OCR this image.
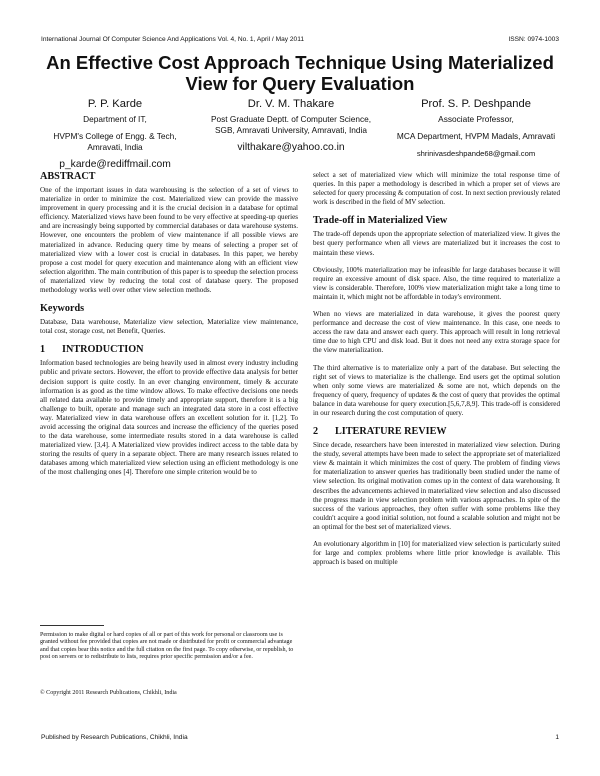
International Journal Of Computer Science And Applications Vol. 4, No. 1, April / May 2011	ISSN: 0974-1003
An Effective Cost Approach Technique Using Materialized View for Query Evaluation
P. P. Karde
Department of IT,
HVPM's College of Engg. & Tech, Amravati, India
p_karde@rediffmail.com
Dr. V. M. Thakare
Post Graduate Deptt. of Computer Science, SGB, Amravati University, Amravati, India
vilthakare@yahoo.co.in
Prof. S. P. Deshpande
Associate Professor,
MCA Department, HVPM Madals, Amravati
shrinivasdeshpande68@gmail.com
ABSTRACT

One of the important issues in data warehousing is the selection of a set of views to materialize in order to minimize the cost. Materialized view can provide the massive improvement in query processing and it is the crucial decision in a database for optimal efficiency. Materialized views have been found to be very effective at speeding-up queries and are increasingly being supported by commercial databases or data warehouse systems. However, one encounters the problem of view maintenance if all possible views are materialized in advance. Reducing query time by means of selecting a proper set of materialized view with a lower cost is crucial in databases. In this paper, we hereby propose a cost model for query execution and maintenance along with an efficient view selection algorithm. The main contribution of this paper is to speedup the selection process of materialized view by reducing the total cost of database query. The proposed methodology works well over other view selection methods.

Keywords

Database, Data warehouse, Materialize view selection, Materialize view maintenance, total cost, storage cost, net Benefit, Queries.

1 INTRODUCTION

Information based technologies are being heavily used in almost every industry including public and private sectors. However, the effort to provide effective data analysis for better decision support is quite costly. In an ever changing environment, timely & accurate information is as good as the time window allows. To make effective decisions one needs all related data available to provide timely and appropriate support, therefore it is a big challenge to built, operate and manage such an integrated data store in a cost effective way. Materialized view in data warehouse offers an excellent solution for it. [1,2]. To avoid accessing the original data sources and increase the efficiency of the queries posed to the data warehouse, some intermediate results stored in a data warehouse is called materialized view. [3,4]. A Materialized view provides indirect access to the table data by storing the results of query in a separate object. There are many research issues related to databases among which materialized view selection using an efficient methodology is one of the most challenging ones [4]. Therefore one simple criterion would be to

Permission to make digital or hard copies of all or part of this work for personal or classroom use is granted without fee provided that copies are not made or distributed for profit or commercial advantage and that copies bear this notice and the full citation on the first page. To copy otherwise, or republish, to post on servers or to redistribute to lists, requires prior specific permission and/or a fee.
© Copyright 2011 Research Publications, Chikhli, India

select a set of materialized view which will minimize the total response time of queries. In this paper a methodology is described in which a proper set of views are selected for query processing & computation of cost. In next section previously related work is described in the field of MV selection.

Trade-off in Materialized View

The trade-off depends upon the appropriate selection of materialized view. It gives the best query performance when all views are materialized but it increases the cost to maintain these views.

Obviously, 100% materialization may be infeasible for large databases because it will require an excessive amount of disk space. Also, the time required to materialize a view is considerable. Therefore, 100% view materialization might take a long time to maintain it, which might not be affordable in today's environment.

When no views are materialized in data warehouse, it gives the poorest query performance and decrease the cost of view maintenance. In this case, one needs to access the raw data and answer each query. This approach will result in long retrieval time due to high CPU and disk load. But it does not need any extra storage space for the view materialization.

The third alternative is to materialize only a part of the database. But selecting the right set of views to materialize is the challenge. End users get the optimal solution when only some views are materialized & some are not, which depends on the frequency of query, frequency of updates & the cost of query that provides the optimal balance in data warehouse for query execution.[5,6,7,8,9]. This trade-off is considered in our research during the cost computation of query.

2 LITERATURE REVIEW

Since decade, researchers have been interested in materialized view selection. During the study, several attempts have been made to select the appropriate set of materialized view & maintain it which minimizes the cost of query. The problem of finding views for materialization to answer queries has traditionally been studied under the name of view selection. Its original motivation comes up in the context of data warehousing. It describes the advancements achieved in materialized view selection and also discussed the progress made in view selection problem with various approaches. In spite of the success of the various approaches, they often suffer with some problems like they couldn't acquire a good initial solution, not found a scalable solution and might not be an optimal for the best set of materialized views.

An evolutionary algorithm in [10] for materialized view selection is particularly suited for large and complex problems where little prior knowledge is available. This approach is based on multiple

Published by Research Publications, Chikhli, India	1
